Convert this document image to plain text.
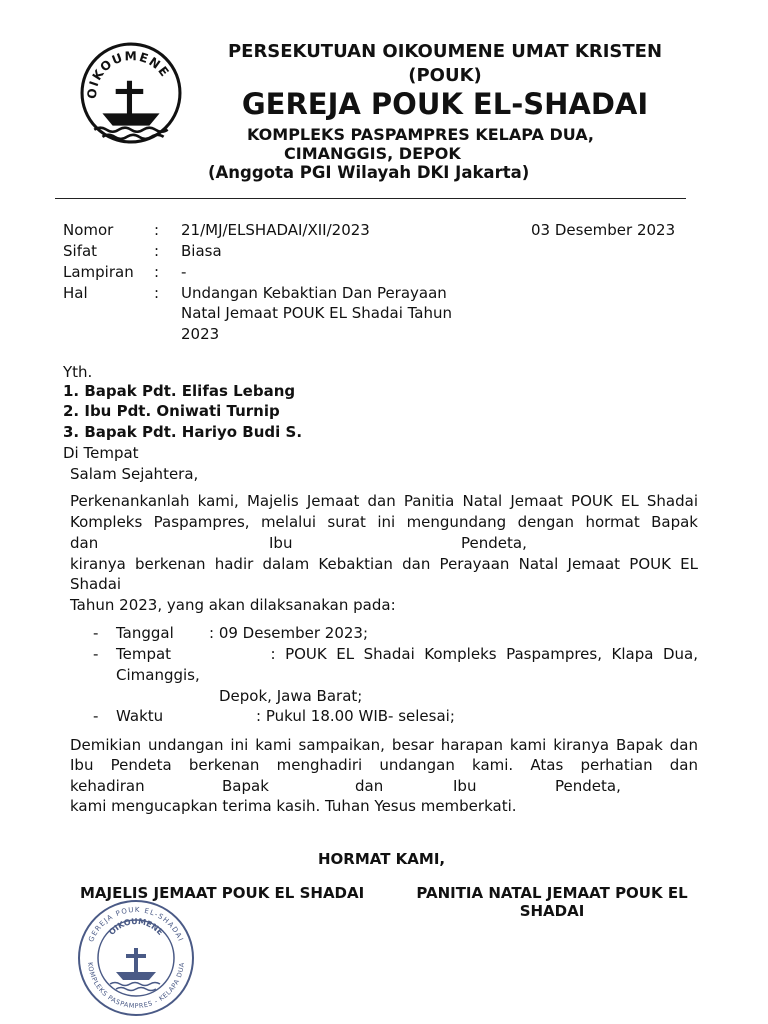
OIKOUMENE
PERSEKUTUAN OIKOUMENE UMAT KRISTEN
(POUK)
GEREJA POUK EL-SHADAI
KOMPLEKS PASPAMPRES KELAPA DUA,
CIMANGGIS, DEPOK
(Anggota PGI Wilayah DKI Jakarta)
Nomor	: 21/MJ/ELSHADAI/XII/2023	03 Desember 2023
Sifat	: Biasa
Lampiran : -
Hal	: Undangan Kebaktian Dan Perayaan
Natal Jemaat POUK EL Shadai Tahun
2023
Yth.
1. Bapak Pdt. Elifas Lebang
2. Ibu Pdt. Oniwati Turnip
3. Bapak Pdt. Hariyo Budi S.
Di Tempat
Salam Sejahtera,
Perkenankanlah kami, Majelis Jemaat dan Panitia Natal Jemaat POUK EL Shadai
Kompleks Paspampres, melalui surat ini mengundang dengan hormat Bapak
dan	Ibu	Pendeta,
kiranya berkenan hadir dalam Kebaktian dan Perayaan Natal Jemaat POUK EL
Shadai
Tahun 2023, yang akan dilaksanakan pada:
- Tanggal : 09 Desember 2023;
- Tempat	:  POUK  EL  Shadai  Kompleks  Paspampres,  Klapa  Dua,
Cimanggis,
Depok, Jawa Barat;
- Waktu	: Pukul 18.00 WIB- selesai;
Demikian undangan ini kami sampaikan, besar harapan kami kiranya Bapak dan
Ibu Pendeta berkenan menghadiri undangan kami. Atas perhatian dan
kehadiran	Bapak	dan	Ibu	Pendeta,
kami mengucapkan terima kasih. Tuhan Yesus memberkati.
HORMAT KAMI,
MAJELIS JEMAAT POUK EL SHADAI	PANITIA NATAL JEMAAT POUK EL
SHADAI
GEREJA POUK EL-SHADAI
KOMPLEKS PASPAMPRES - KELAPA DUA
OIKOUMENE
